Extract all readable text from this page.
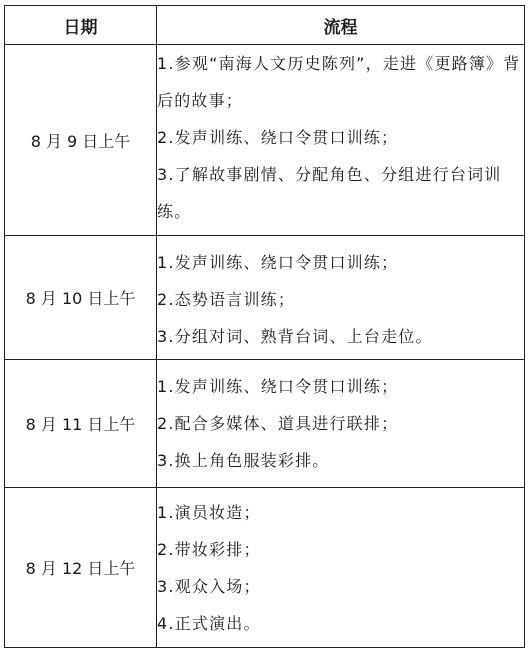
日期	流程
8 月 9 日上午	1.参观“南海人文历史陈列”，走进《更路簿》背后的故事；
2.发声训练、绕口令贯口训练；
3.了解故事剧情、分配角色、分组进行台词训练。

8 月 10 日上午	1.发声训练、绕口令贯口训练；
2.态势语言训练；
3.分组对词、熟背台词、上台走位。

8 月 11 日上午	1.发声训练、绕口令贯口训练；
2.配合多媒体、道具进行联排；
3.换上角色服装彩排。

8 月 12 日上午	1.演员妆造；
2.带妆彩排；
3.观众入场；
4.正式演出。
